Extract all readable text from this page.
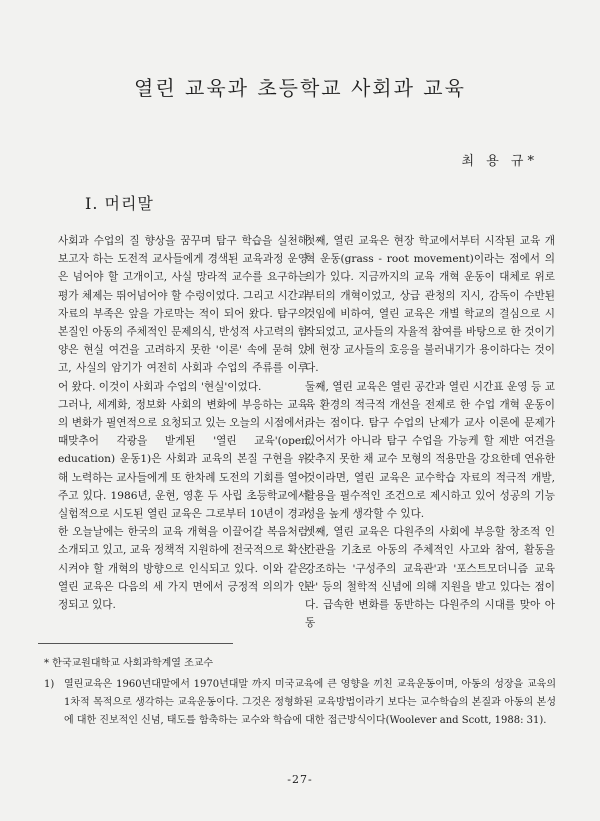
열린 교육과 초등학교 사회과 교육
최 용 규*
Ⅰ. 머리말

사회과 수업의 질 향상을 꿈꾸며 탐구 학습을 실천해 보고자 하는 도전적 교사들에게 경색된 교육과정 운영은 넘어야 할 고개이고, 사실 망라적 교수를 요구하는 평가 체제는 뛰어넘어야 할 수렁이었다. 그리고 시간과 자료의 부족은 앞을 가로막는 적이 되어 왔다. 탐구의 본질인 아동의 주체적인 문제의식, 반성적 사고력의 함양은 현실 여건을 고려하지 못한 '이론' 속에 묻혀 있고, 사실의 암기가 여전히 사회과 수업의 주류를 이루어 왔다. 이것이 사회과 수업의 '현실'이었다.

그러나, 세계화, 정보화 사회의 변화에 부응하는 교육의 변화가 필연적으로 요청되고 있는 오늘의 시점에서, 때맞추어 각광을 받게된 '열린 교육'(open education) 운동1)은 사회과 교육의 본질 구현을 위해 노력하는 교사들에게 또 한차례 도전의 기회를 열어주고 있다. 1986년, 운현, 영훈 두 사립 초등학교에서 실험적으로 시도된 열린 교육은 그로부터 10년이 경과한 오늘날에는 한국의 교육 개혁을 이끌어갈 복음처럼 소개되고 있고, 교육 정책적 지원하에 전국적으로 확산시켜야 할 개혁의 방향으로 인식되고 있다. 이와 같은 열린 교육은 다음의 세 가지 면에서 긍정적 의의가 인정되고 있다.

첫째, 열린 교육은 현장 학교에서부터 시작된 교육 개혁 운동(grass - root movement)이라는 점에서 의의가 있다. 지금까지의 교육 개혁 운동이 대체로 위로부터의 개혁이었고, 상급 관청의 지시, 감독이 수반된 것임에 비하여, 열린 교육은 개별 학교의 결심으로 시작되었고, 교사들의 자율적 참여를 바탕으로 한 것이기에 현장 교사들의 호응을 불러내기가 용이하다는 것이다.

둘째, 열린 교육은 열린 공간과 열린 시간표 운영 등 교육 환경의 적극적 개선을 전제로 한 수업 개혁 운동이라는 점이다. 탐구 수업의 난제가 교사 이론에 문제가 있어서가 아니라 탐구 수업을 가능케 할 제반 여건을 갖추지 못한 채 교수 모형의 적용만을 강요한데 연유한 것이라면, 열린 교육은 교수학습 자료의 적극적 개발, 활용을 필수적인 조건으로 제시하고 있어 성공의 기능성을 높게 생각할 수 있다.

셋째, 열린 교육은 다원주의 사회에 부응할 창조적 인간관을 기초로 아동의 주체적인 사고와 참여, 활동을 강조하는 '구성주의 교육관'과 '포스트모더니즘 교육관' 등의 철학적 신념에 의해 지원을 받고 있다는 점이다. 급속한 변화를 동반하는 다원주의 시대를 맞아 아동

* 한국교원대학교 사회과학계열 조교수
1) 열린교육은 1960년대말에서 1970년대말 까지 미국교육에 큰 영향을 끼친 교육운동이며, 아동의 성장을 교육의 1차적 목적으로 생각하는 교육운동이다. 그것은 정형화된 교육방법이라기 보다는 교수학습의 본질과 아동의 본성에 대한 진보적인 신념, 태도를 함축하는 교수와 학습에 대한 접근방식이다(Woolever and Scott, 1988: 31).
-27-
